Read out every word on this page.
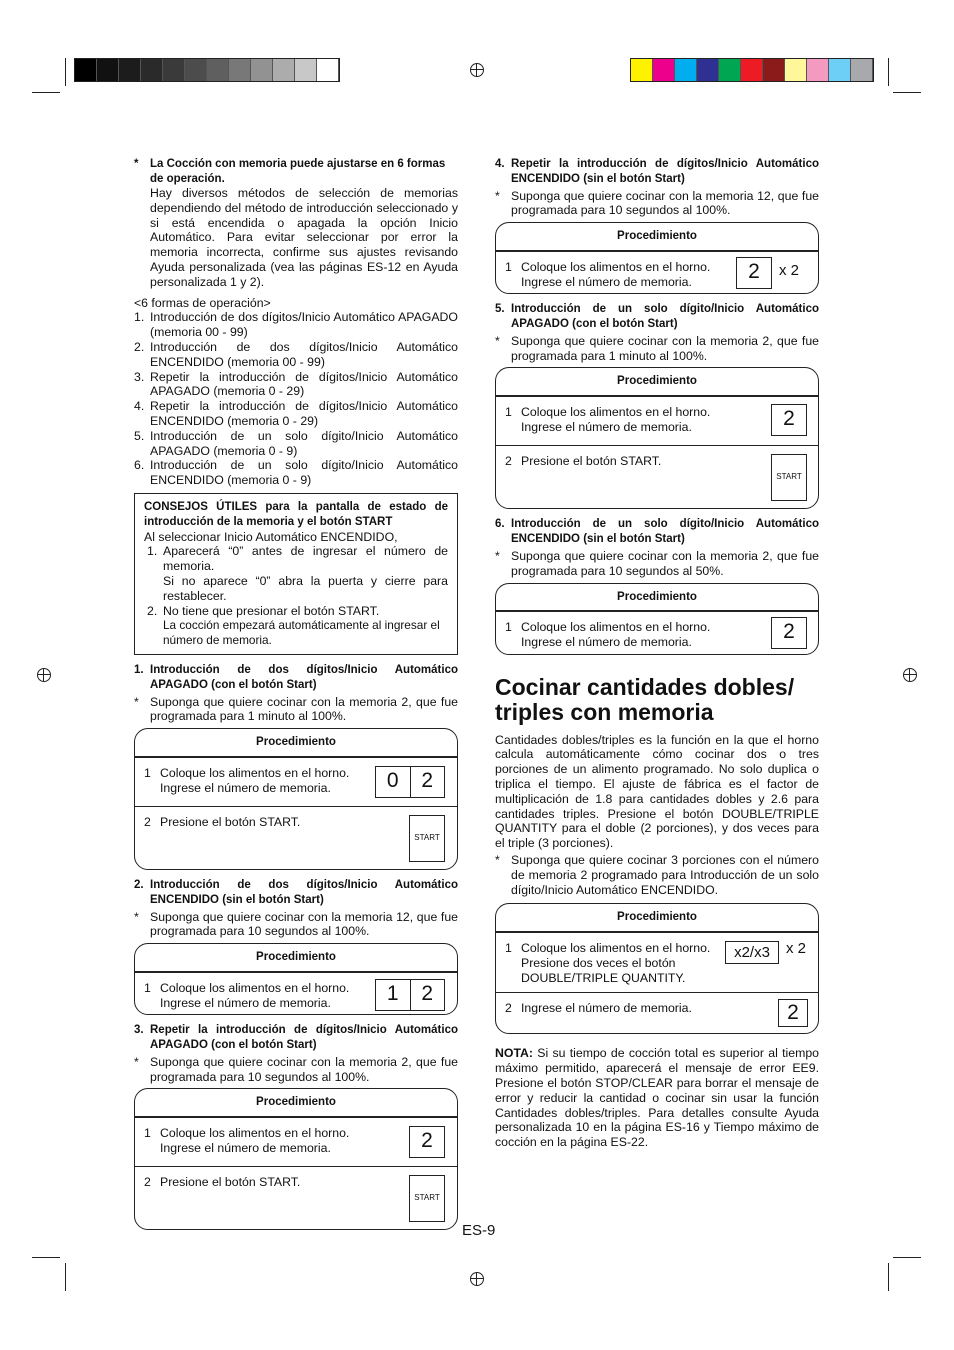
*	La Cocción con memoria puede ajustarse en 6 formas de operación.

Hay diversos métodos de selección de memorias dependiendo del método de introducción seleccionado y si está encendida o apagada la opción Inicio Automático. Para evitar seleccionar por error la memoria incorrecta, confirme sus ajustes revisando Ayuda personalizada (vea las páginas ES-12 en Ayuda personalizada 1 y 2).

<6 formas de operación>

1. Introducción de dos dígitos/Inicio Automático APAGADO (memoria 00 - 99)
2. Introducción de dos dígitos/Inicio Automático ENCENDIDO (memoria 00 - 99)
3. Repetir la introducción de dígitos/Inicio Automático APAGADO (memoria 0 - 29)
4. Repetir la introducción de dígitos/Inicio Automático ENCENDIDO (memoria 0 - 29)
5. Introducción de un solo dígito/Inicio Automático APAGADO (memoria 0 - 9)
6. Introducción de un solo dígito/Inicio Automático ENCENDIDO (memoria 0 - 9)

CONSEJOS ÚTILES para la pantalla de estado de introducción de la memoria y el botón START

Al seleccionar Inicio Automático ENCENDIDO,

1. Aparecerá “0” antes de ingresar el número de memoria.

Si no aparece “0” abra la puerta y cierre para restablecer.

2. No tiene que presionar el botón START.

La cocción empezará automáticamente al ingresar el número de memoria.

1. Introducción de dos dígitos/Inicio Automático APAGADO (con el botón Start)
* Suponga que quiere cocinar con la memoria 2, que fue programada para 1 minuto al 100%.
Procedimiento
1 Coloque los alimentos en el horno. Ingrese el número de memoria.	0	2
2 Presione el botón START.
START
2. Introducción de dos dígitos/Inicio Automático ENCENDIDO (sin el botón Start)
* Suponga que quiere cocinar con la memoria 12, que fue programada para 10 segundos al 100%.
Procedimiento
1 Coloque los alimentos en el horno. Ingrese el número de memoria.	1	2
3. Repetir la introducción de dígitos/Inicio Automático APAGADO (con el botón Start)
* Suponga que quiere cocinar con la memoria 2, que fue programada para 10 segundos al 100%.
Procedimiento
1 Coloque los alimentos en el horno. Ingrese el número de memoria.	2
2 Presione el botón START.
START
4. Repetir la introducción de dígitos/Inicio Automático ENCENDIDO (sin el botón Start)
* Suponga que quiere cocinar con la memoria 12, que fue programada para 10 segundos al 100%.
Procedimiento
1 Coloque los alimentos en el horno. Ingrese el número de memoria.	2	x 2
5. Introducción de un solo dígito/Inicio Automático APAGADO (con el botón Start)
* Suponga que quiere cocinar con la memoria 2, que fue programada para 1 minuto al 100%.
Procedimiento
1 Coloque los alimentos en el horno. Ingrese el número de memoria.	2
2 Presione el botón START.
START
6. Introducción de un solo dígito/Inicio Automático ENCENDIDO (sin el botón Start)
* Suponga que quiere cocinar con la memoria 2, que fue programada para 10 segundos al 50%.
Procedimiento
1 Coloque los alimentos en el horno. Ingrese el número de memoria.	2
Cocinar cantidades dobles/ triples con memoria

Cantidades dobles/triples es la función en la que el horno calcula automáticamente cómo cocinar dos o tres porciones de un alimento programado. No solo duplica o triplica el tiempo. El ajuste de fábrica es el factor de multiplicación de 1.8 para cantidades dobles y 2.6 para cantidades triples. Presione el botón DOUBLE/TRIPLE QUANTITY para el doble (2 porciones), y dos veces para el triple (3 porciones).

* Suponga que quiere cocinar 3 porciones con el número de memoria 2 programado para Introducción de un solo dígito/Inicio Automático ENCENDIDO.
Procedimiento
1 Coloque los alimentos en el horno. Presione dos veces el botón DOUBLE/TRIPLE QUANTITY.
x2/x3	x 2
2 Ingrese el número de memoria.	2

NOTA: Si su tiempo de cocción total es superior al tiempo máximo permitido, aparecerá el mensaje de error EE9. Presione el botón STOP/CLEAR para borrar el mensaje de error y reducir la cantidad o cocinar sin usar la función Cantidades dobles/triples. Para detalles consulte Ayuda personalizada 10 en la página ES-16 y Tiempo máximo de cocción en la página ES-22.

ES-9
